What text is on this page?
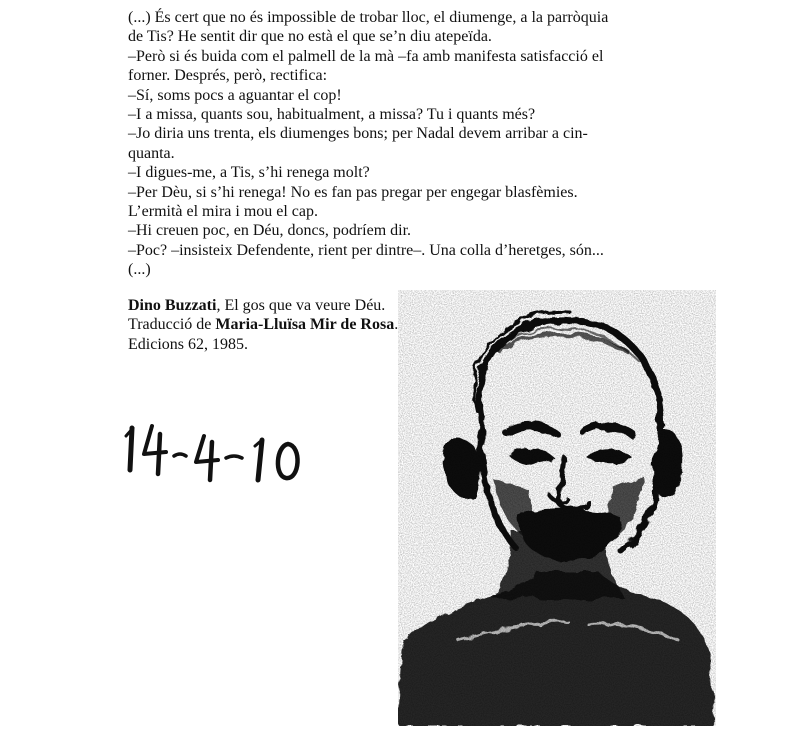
(...) És cert que no és impossible de trobar lloc, el diumenge, a la parròquia
de Tis? He sentit dir que no està el que se’n diu atepeïda.
–Però si és buida com el palmell de la mà –fa amb manifesta satisfacció el
forner. Després, però, rectifica:
–Sí, soms pocs a aguantar el cop!
–I a missa, quants sou, habitualment, a missa? Tu i quants més?
–Jo diria uns trenta, els diumenges bons; per Nadal devem arribar a cin-
quanta.
–I digues-me, a Tis, s’hi renega molt?
–Per Dèu, si s’hi renega! No es fan pas pregar per engegar blasfèmies.
L’ermità el mira i mou el cap.
–Hi creuen poc, en Déu, doncs, podríem dir.
–Poc? –insisteix Defendente, rient per dintre–. Una colla d’heretges, són...
(...)
Dino Buzzati, El gos que va veure Déu.
Traducció de Maria-Lluïsa Mir de Rosa.
Edicions 62, 1985.
